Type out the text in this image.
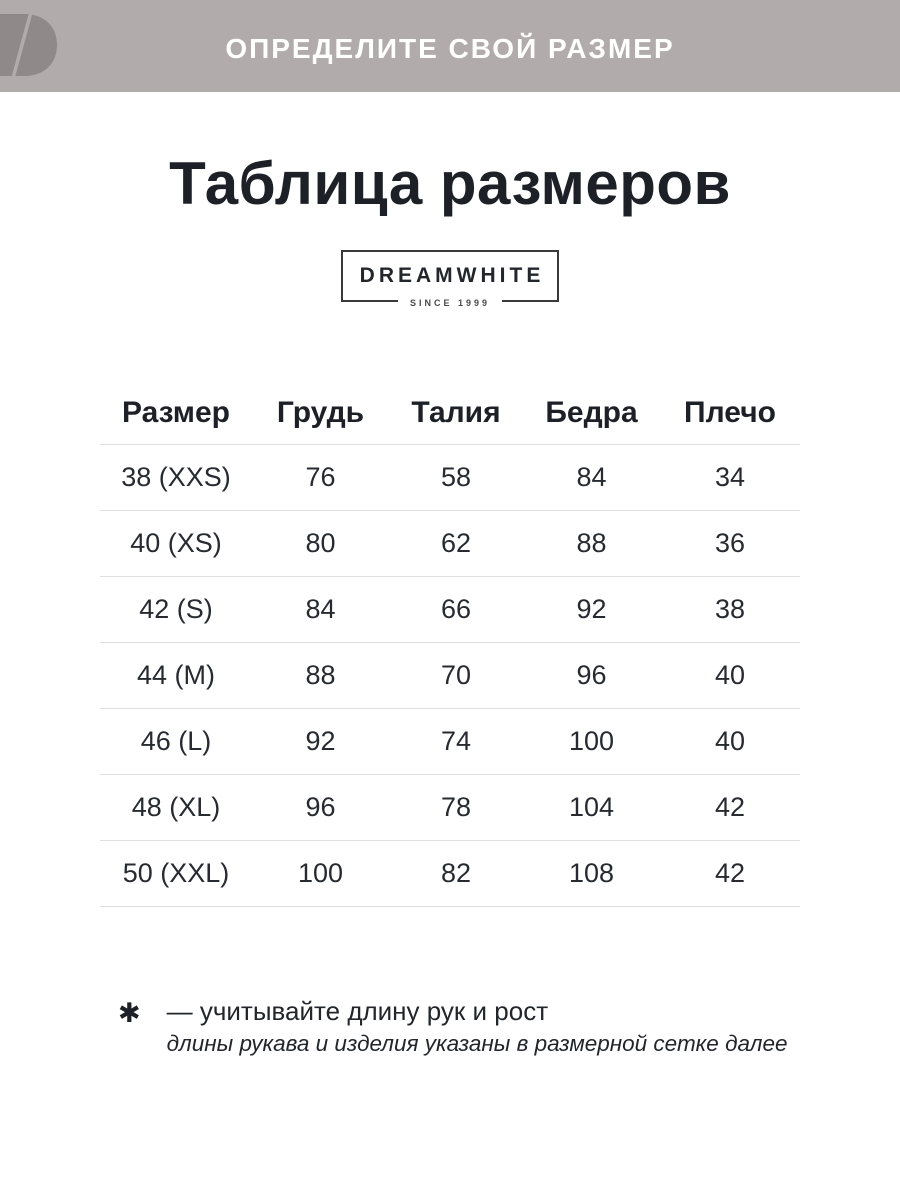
ОПРЕДЕЛИТЕ СВОЙ РАЗМЕР
Таблица размеров
DREAMWHITE
SINCE 1999
Размер	Грудь	Талия	Бедра	Плечо
38 (XXS)	76	58	84	34
40 (XS)	80	62	88	36
42 (S)	84	66	92	38
44 (M)	88	70	96	40
46 (L)	92	74	100	40
48 (XL)	96	78	104	42
50 (XXL)	100	82	108	42
✱ — учитывайте длину рук и рост
длины рукава и изделия указаны в размерной сетке далее
